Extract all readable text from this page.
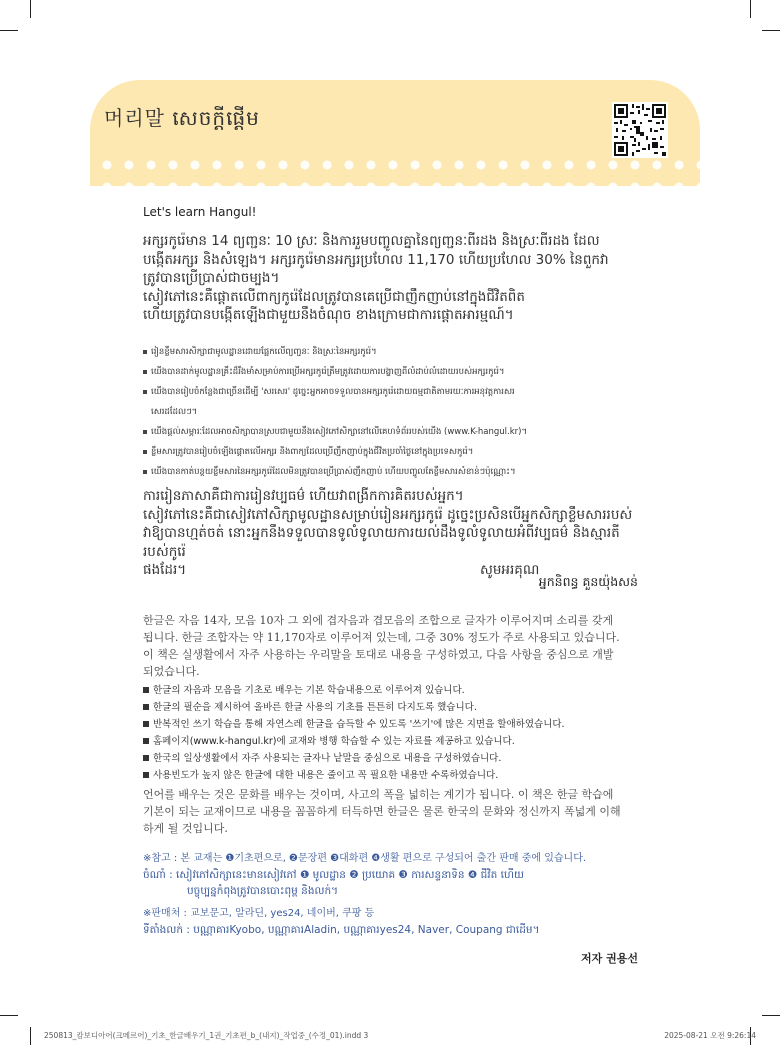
머리말 សេចក្តីផ្តើម
Let's learn Hangul!
អក្សរកូរ៉េមាន 14 ព្យញ្ជនៈ 10 ស្រៈ និងការរួមបញ្ចូលគ្នានៃព្យញ្ជនៈពីរដង និងស្រៈពីរដង ដែល
បង្កើតអក្សរ និងសំឡេង។ អក្សរកូរ៉េមានអក្សរប្រហែល 11,170 ហើយប្រហែល 30% នៃពួកវា
ត្រូវបានប្រើប្រាស់ជាចម្បង។
សៀវភៅនេះគឺផ្តោតលើពាក្យកូរ៉េដែលត្រូវបានគេប្រើជាញឹកញាប់នៅក្នុងជីវិតពិត
ហើយត្រូវបានបង្កើតឡើងជាមួយនឹងចំណុច ខាងក្រោមជាការផ្តោតអារម្មណ៍។
រៀនខ្លឹមសារសិក្សាជាមូលដ្ឋានដោយផ្អែកលើព្យញ្ជនៈ និងស្រៈនៃអក្សរកូរ៉េ។
យើងបានដាក់មូលដ្ឋានគ្រឹះដ៏រឹងមាំសម្រាប់ការប្រើអក្សរកូរ៉េត្រឹមត្រូវដោយការបង្ហាញពីលំដាប់លំដោយរបស់អក្សរកូរ៉េ។
យើងបានរៀបចំកន្លែងជាច្រើនដើម្បី 'សរសេរ' ដូច្នេះអ្នកអាចទទួលបានអក្សរកូរ៉េដោយធម្មជាតិតាមរយៈការអនុវត្តការសរ
សេរដដែលៗ។
យើងផ្តល់សម្ភារៈដែលអាចសិក្សាបានស្របជាមួយនឹងសៀវភៅសិក្សានៅលើគេហទំព័ររបស់យើង (www.K-hangul.kr)។
ខ្លឹមសារត្រូវបានរៀបចំឡើងផ្ដោតលើអក្សរ និងពាក្យដែលប្រើញឹកញាប់ក្នុងជីវិតប្រចាំថ្ងៃនៅក្នុងប្រទេសកូរ៉េ។
យើងបានកាត់បន្ថយខ្លឹមសារនៃអក្សរកូរ៉េដែលមិនត្រូវបានប្រើប្រាស់ញឹកញាប់ ហើយបញ្ចូលតែខ្លឹមសារសំខាន់ៗប៉ុណ្ណោះ។
ការរៀនភាសាគឺជាការរៀនវប្បធម៌ ហើយវាពង្រីកការគិតរបស់អ្នក។
សៀវភៅនេះគឺជាសៀវភៅសិក្សាមូលដ្ឋានសម្រាប់រៀនអក្សរកូរ៉េ ដូច្នេះប្រសិនបើអ្នកសិក្សាខ្លឹមសាររបស់
វាឱ្យបានហ្មត់ចត់ នោះអ្នកនឹងទទួលបានទូលំទូលាយការយល់ដឹងទូលំទូលាយអំពីវប្បធម៌ និងស្មារតីរបស់កូរ៉េ
ផងដែរ។	សូមអរគុណ
អ្នកនិពន្ធ គួនយ៉ុងសន់
한글은 자음 14자, 모음 10자 그 외에 겹자음과 겹모음의 조합으로 글자가 이루어지며 소리를 갖게
됩니다. 한글 조합자는 약 11,170자로 이루어져 있는데, 그중 30% 정도가 주로 사용되고 있습니다.
이 책은 실생활에서 자주 사용하는 우리말을 토대로 내용을 구성하였고, 다음 사항을 중심으로 개발
되었습니다.
한글의 자음과 모음을 기초로 배우는 기본 학습내용으로 이루어져 있습니다.
한글의 필순을 제시하여 올바른 한글 사용의 기초를 튼튼히 다지도록 했습니다.
반복적인 쓰기 학습을 통해 자연스레 한글을 습득할 수 있도록 '쓰기'에 많은 지면을 할애하였습니다.
홈페이지(www.k-hangul.kr)에 교재와 병행 학습할 수 있는 자료를 제공하고 있습니다.
한국의 일상생활에서 자주 사용되는 글자나 낱말을 중심으로 내용을 구성하였습니다.
사용빈도가 높지 않은 한글에 대한 내용은 줄이고 꼭 필요한 내용만 수록하였습니다.
언어를 배우는 것은 문화를 배우는 것이며, 사고의 폭을 넓히는 계기가 됩니다. 이 책은 한글 학습에
기본이 되는 교재이므로 내용을 꼼꼼하게 터득하면 한글은 물론 한국의 문화와 정신까지 폭넓게 이해
하게 될 것입니다.
※참고 : 본 교재는 ❶기초편으로, ❷문장편 ❸대화편 ❹생활 편으로 구성되어 출간 판매 중에 있습니다.
ចំណាំ : សៀវភៅសិក្សានេះមានសៀវភៅ ❶ មូលដ្ឋាន ❷ ប្រយោគ ❸ ការសន្ទនាទិន ❹ ជីវិត ហើយ
បច្ចុប្បន្នកំពុងត្រូវបានបោះពុម្ព និងលក់។
※판매처 : 교보문고, 알라딘, yes24, 네이버, 쿠팡 등
ទីតាំងលក់ : បណ្ណាគារKyobo, បណ្ណាគារAladin, បណ្ណាគារyes24, Naver, Coupang ជាដើម។
저자 권용선
250813_캄보디아어(크메르어)_기초_한글배우기_1권_기초편_b_(내지)_작업중_(수정_01).indd 3	2025-08-21 오전 9:26:14
